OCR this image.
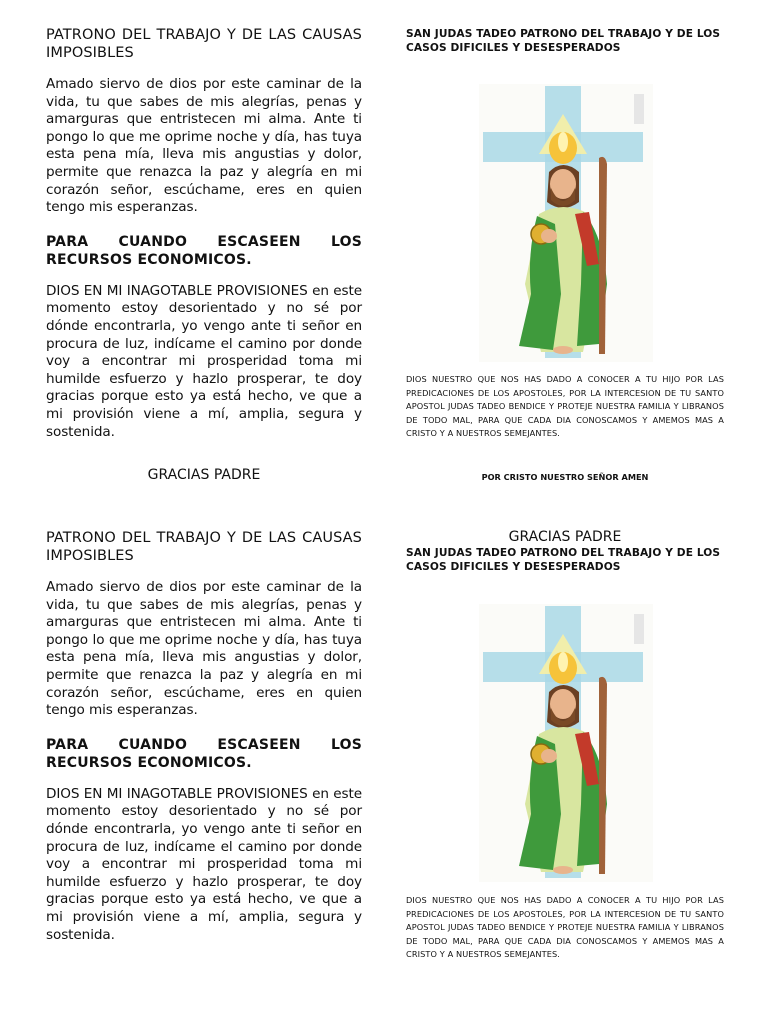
PATRONO DEL TRABAJO Y DE LAS CAUSAS IMPOSIBLES

Amado siervo de dios por este caminar de la vida, tu que sabes de mis alegrías, penas y amarguras que entristecen mi alma. Ante ti pongo lo que me oprime noche y día, has tuya esta pena mía, lleva mis angustias y dolor, permite que renazca la paz y alegría en mi corazón señor, escúchame, eres en quien tengo mis esperanzas.

PARA CUANDO ESCASEEN LOS RECURSOS ECONOMICOS.

DIOS EN MI INAGOTABLE PROVISIONES en este momento estoy desorientado y no sé por dónde encontrarla, yo vengo ante ti señor en procura de luz, indícame el camino por donde voy a encontrar mi prosperidad toma mi humilde esfuerzo y hazlo prosperar, te doy gracias porque esto ya está hecho, ve que a mi provisión viene a mí, amplia, segura y sostenida.

GRACIAS PADRE

SAN JUDAS TADEO PATRONO DEL TRABAJO Y DE LOS CASOS DIFICILES Y DESESPERADOS

DIOS NUESTRO QUE NOS HAS DADO A CONOCER A TU HIJO POR LAS PREDICACIONES DE LOS APOSTOLES, POR LA INTERCESION DE TU SANTO APOSTOL JUDAS TADEO BENDICE Y PROTEJE NUESTRA FAMILIA Y LIBRANOS DE TODO MAL, PARA QUE CADA DIA CONOSCAMOS Y AMEMOS MAS A CRISTO Y A NUESTROS SEMEJANTES.

POR CRISTO NUESTRO SEÑOR AMEN

PATRONO DEL TRABAJO Y DE LAS CAUSAS IMPOSIBLES

Amado siervo de dios por este caminar de la vida, tu que sabes de mis alegrías, penas y amarguras que entristecen mi alma. Ante ti pongo lo que me oprime noche y día, has tuya esta pena mía, lleva mis angustias y dolor, permite que renazca la paz y alegría en mi corazón señor, escúchame, eres en quien tengo mis esperanzas.

PARA CUANDO ESCASEEN LOS RECURSOS ECONOMICOS.

DIOS EN MI INAGOTABLE PROVISIONES en este momento estoy desorientado y no sé por dónde encontrarla, yo vengo ante ti señor en procura de luz, indícame el camino por donde voy a encontrar mi prosperidad toma mi humilde esfuerzo y hazlo prosperar, te doy gracias porque esto ya está hecho, ve que a mi provisión viene a mí, amplia, segura y sostenida.

GRACIAS PADRE

SAN JUDAS TADEO PATRONO DEL TRABAJO Y DE LOS CASOS DIFICILES Y DESESPERADOS

DIOS NUESTRO QUE NOS HAS DADO A CONOCER A TU HIJO POR LAS PREDICACIONES DE LOS APOSTOLES, POR LA INTERCESION DE TU SANTO APOSTOL JUDAS TADEO BENDICE Y PROTEJE NUESTRA FAMILIA Y LIBRANOS DE TODO MAL, PARA QUE CADA DIA CONOSCAMOS Y AMEMOS MAS A CRISTO Y A NUESTROS SEMEJANTES.
